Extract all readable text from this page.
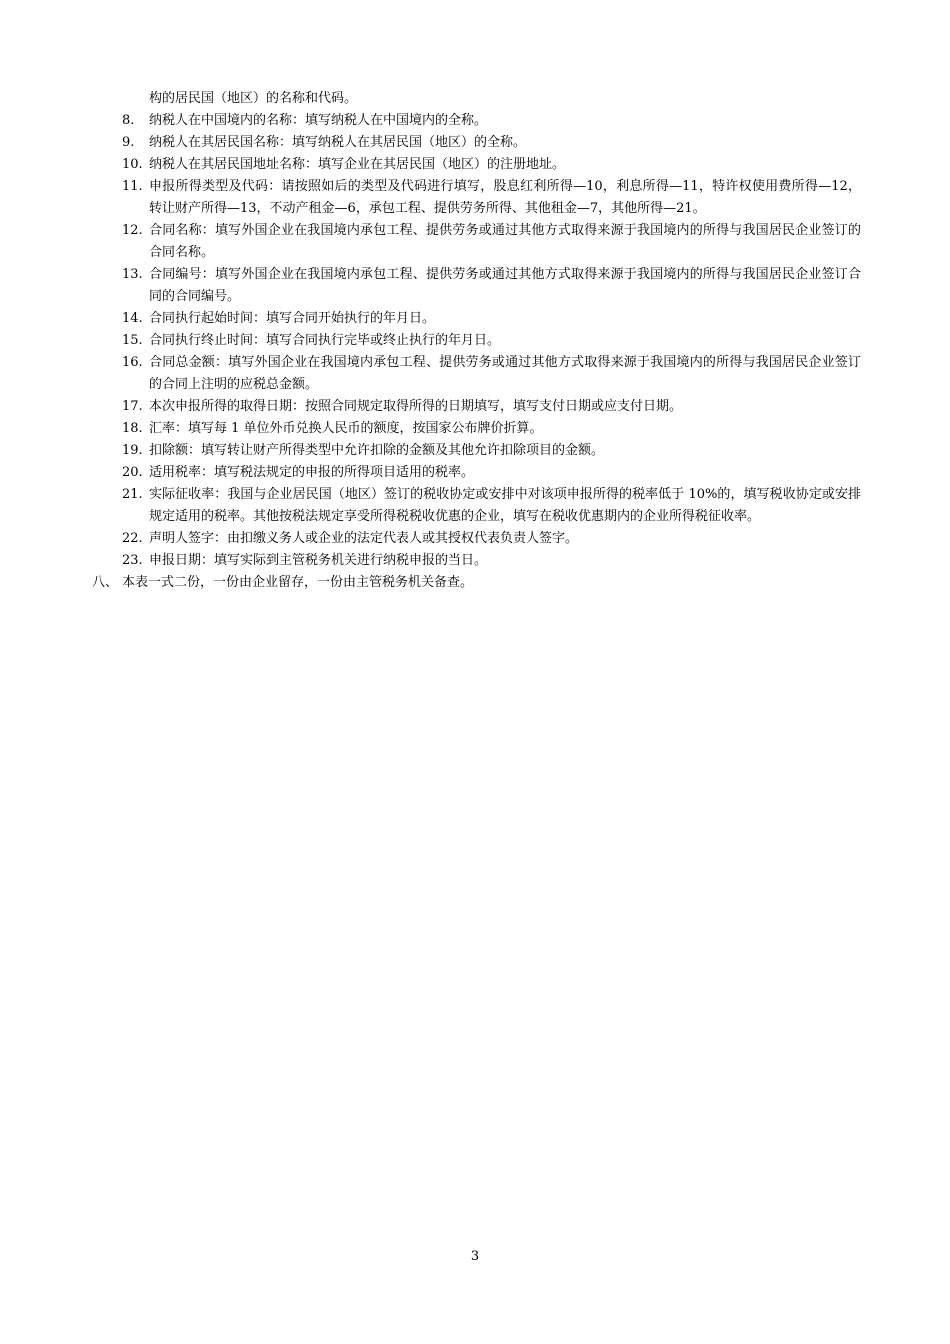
构的居民国（地区）的名称和代码。
8.	纳税人在中国境内的名称：填写纳税人在中国境内的全称。
9.	纳税人在其居民国名称：填写纳税人在其居民国（地区）的全称。
10. 纳税人在其居民国地址名称：填写企业在其居民国（地区）的注册地址。
11. 申报所得类型及代码：请按照如后的类型及代码进行填写，股息红利所得—10，利息所得—11，特许权使用费所得—12，转让财产所得—13，不动产租金—6，承包工程、提供劳务所得、其他租金—7，其他所得—21。
12. 合同名称：填写外国企业在我国境内承包工程、提供劳务或通过其他方式取得来源于我国境内的所得与我国居民企业签订的合同名称。
13. 合同编号：填写外国企业在我国境内承包工程、提供劳务或通过其他方式取得来源于我国境内的所得与我国居民企业签订合同的合同编号。
14. 合同执行起始时间：填写合同开始执行的年月日。
15. 合同执行终止时间：填写合同执行完毕或终止执行的年月日。
16. 合同总金额：填写外国企业在我国境内承包工程、提供劳务或通过其他方式取得来源于我国境内的所得与我国居民企业签订的合同上注明的应税总金额。
17. 本次申报所得的取得日期：按照合同规定取得所得的日期填写，填写支付日期或应支付日期。
18. 汇率：填写每 1 单位外币兑换人民币的额度，按国家公布牌价折算。
19. 扣除额：填写转让财产所得类型中允许扣除的金额及其他允许扣除项目的金额。
20. 适用税率：填写税法规定的申报的所得项目适用的税率。
21. 实际征收率：我国与企业居民国（地区）签订的税收协定或安排中对该项申报所得的税率低于 10%的，填写税收协定或安排规定适用的税率。其他按税法规定享受所得税税收优惠的企业，填写在税收优惠期内的企业所得税征收率。
22. 声明人签字：由扣缴义务人或企业的法定代表人或其授权代表负责人签字。
23. 申报日期：填写实际到主管税务机关进行纳税申报的当日。
八、 本表一式二份，一份由企业留存，一份由主管税务机关备查。
3
